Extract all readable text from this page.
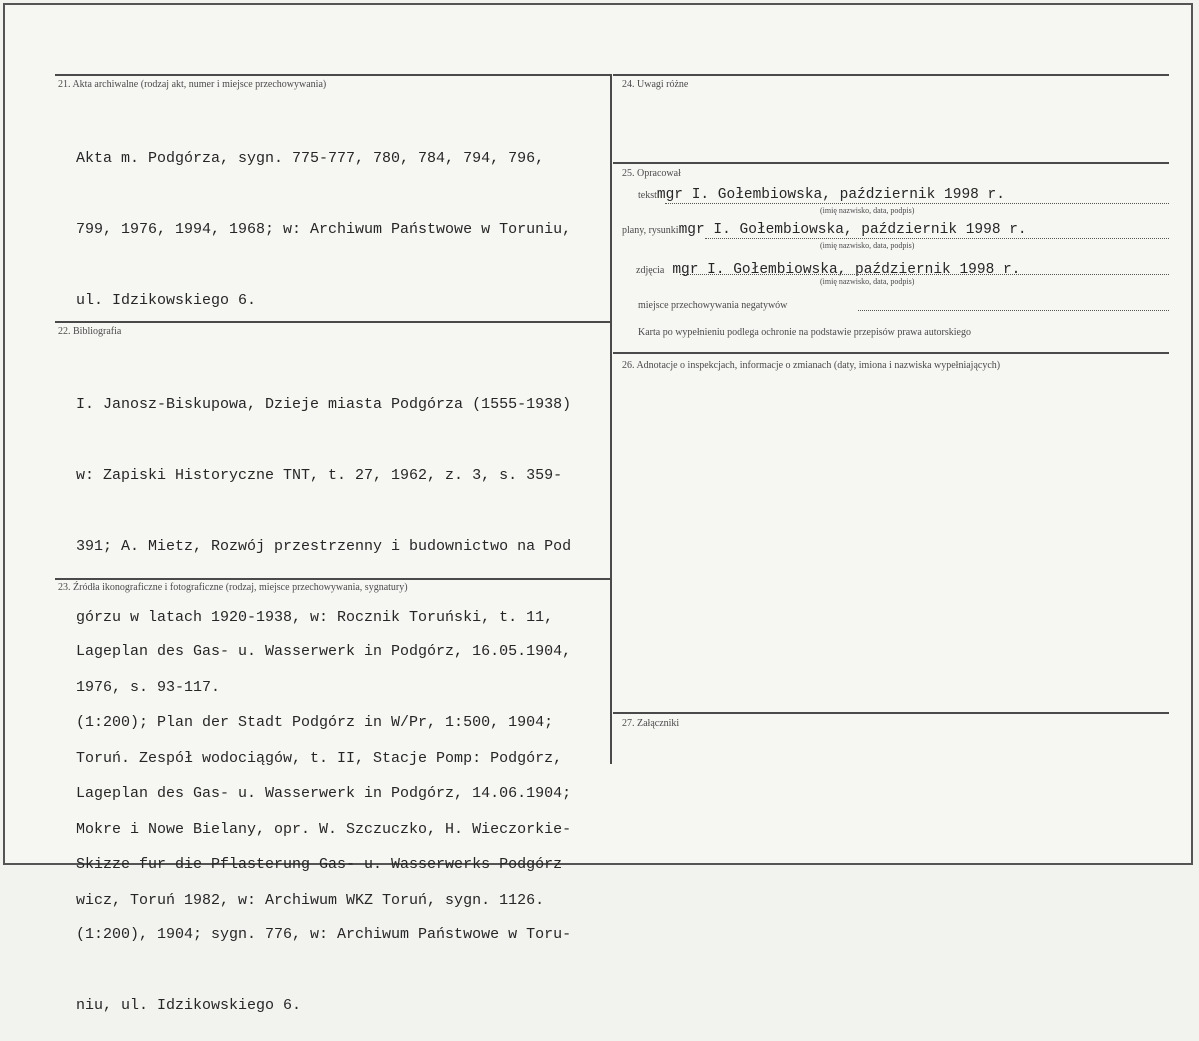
21. Akta archiwalne (rodzaj akt, numer i miejsce przechowywania)

Akta m. Podgórza, sygn. 775-777, 780, 784, 794, 796,

799, 1976, 1994, 1968; w: Archiwum Państwowe w Toruniu,

ul. Idzikowskiego 6.

22. Bibliografia

I. Janosz-Biskupowa, Dzieje miasta Podgórza (1555-1938)

w: Zapiski Historyczne TNT, t. 27, 1962, z. 3, s. 359-

391; A. Mietz, Rozwój przestrzenny i budownictwo na Pod

górzu w latach 1920-1938, w: Rocznik Toruński, t. 11,

1976, s. 93-117.

Toruń. Zespół wodociągów, t. II, Stacje Pomp: Podgórz,

Mokre i Nowe Bielany, opr. W. Szczuczko, H. Wieczorkie-

wicz, Toruń 1982, w: Archiwum WKZ Toruń, sygn. 1126.

23. Źródła ikonograficzne i fotograficzne (rodzaj, miejsce przechowywania, sygnatury)

Lageplan des Gas- u. Wasserwerk in Podgórz, 16.05.1904,

(1:200); Plan der Stadt Podgórz in W/Pr, 1:500, 1904;

Lageplan des Gas- u. Wasserwerk in Podgórz, 14.06.1904;

Skizze fur die Pflasterung Gas- u. Wasserwerks Podgórz

(1:200), 1904; sygn. 776, w: Archiwum Państwowe w Toru-

niu, ul. Idzikowskiego 6.

24. Uwagi różne
25. Opracował
tekstmgr I. Gołembiowska, październik 1998 r.
(imię nazwisko, data, podpis)
plany, rysunkimgr I. Gołembiowska, październik 1998 r.
(imię nazwisko, data, podpis)
zdjęcia mgr I. Gołembiowska, październik 1998 r.
(imię nazwisko, data, podpis)
miejsce przechowywania negatywów
Karta po wypełnieniu podlega ochronie na podstawie przepisów prawa autorskiego
26. Adnotacje o inspekcjach, informacje o zmianach (daty, imiona i nazwiska wypełniających)
27. Załączniki
